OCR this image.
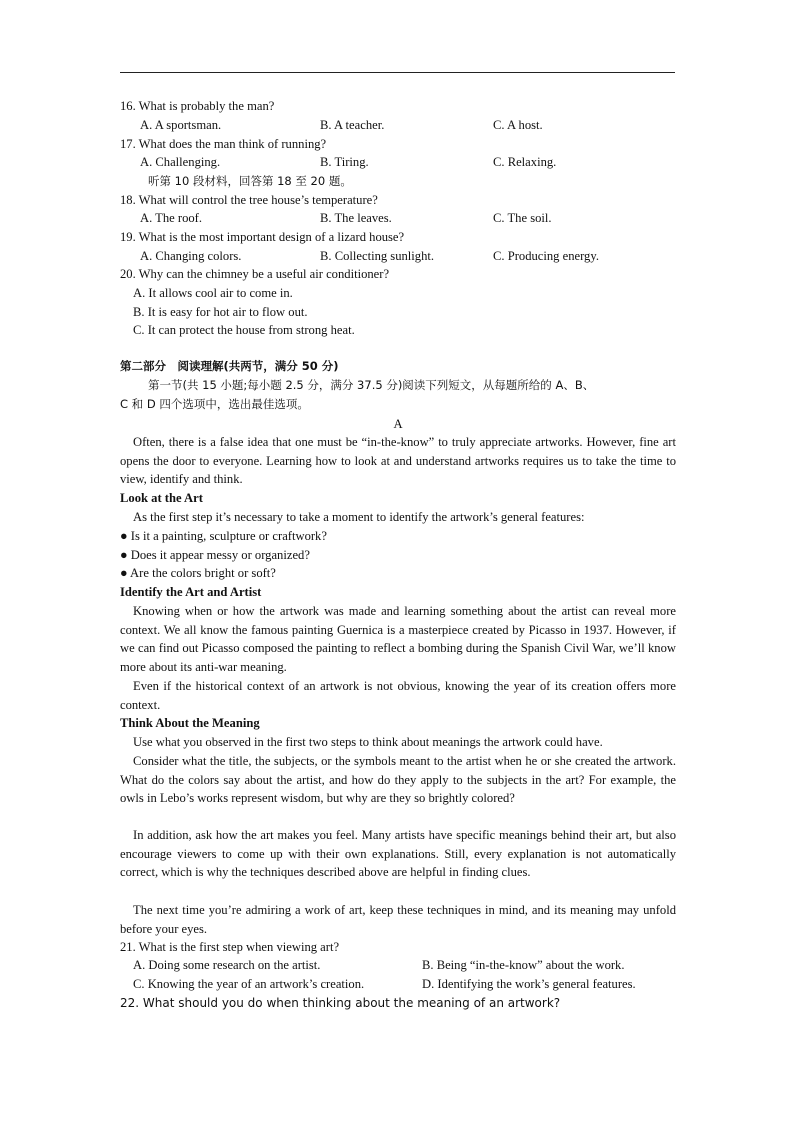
16. What is probably the man?
A. A sportsman.	B. A teacher.	C. A host.
17. What does the man think of running?
A. Challenging.	B. Tiring.	C. Relaxing.
听第 10 段材料，回答第 18 至 20 题。
18. What will control the tree house’s temperature?
A. The roof.	B. The leaves.	C. The soil.
19. What is the most important design of a lizard house?
A. Changing colors.	B. Collecting sunlight.	C. Producing energy.
20. Why can the chimney be a useful air conditioner?
A. It allows cool air to come in.
B. It is easy for hot air to flow out.
C. It can protect the house from strong heat.
第二部分　阅读理解(共两节，满分 50 分)
第一节(共 15 小题;每小题 2.5 分，满分 37.5 分)阅读下列短文，从每题所给的 A、B、
C 和 D 四个选项中，选出最佳选项。
A
Often, there is a false idea that one must be “in-the-know” to truly appreciate artworks. However, fine art opens the door to everyone. Learning how to look at and understand artworks requires us to take the time to view, identify and think.
Look at the Art
As the first step it’s necessary to take a moment to identify the artwork’s general features:
● Is it a painting, sculpture or craftwork?
● Does it appear messy or organized?
● Are the colors bright or soft?
Identify the Art and Artist
Knowing when or how the artwork was made and learning something about the artist can reveal more context. We all know the famous painting Guernica is a masterpiece created by Picasso in 1937. However, if we can find out Picasso composed the painting to reflect a bombing during the Spanish Civil War, we’ll know more about its anti-war meaning.
Even if the historical context of an artwork is not obvious, knowing the year of its creation offers more context.
Think About the Meaning
Use what you observed in the first two steps to think about meanings the artwork could have.
Consider what the title, the subjects, or the symbols meant to the artist when he or she created the artwork. What do the colors say about the artist, and how do they apply to the subjects in the art? For example, the owls in Lebo’s works represent wisdom, but why are they so brightly colored?
In addition, ask how the art makes you feel. Many artists have specific meanings behind their art, but also encourage viewers to come up with their own explanations. Still, every explanation is not automatically correct, which is why the techniques described above are helpful in finding clues.
The next time you’re admiring a work of art, keep these techniques in mind, and its meaning may unfold before your eyes.
21. What is the first step when viewing art?
A. Doing some research on the artist.	B. Being “in-the-know” about the work.
C. Knowing the year of an artwork’s creation.	D. Identifying the work’s general features.
22. What should you do when thinking about the meaning of an artwork?
